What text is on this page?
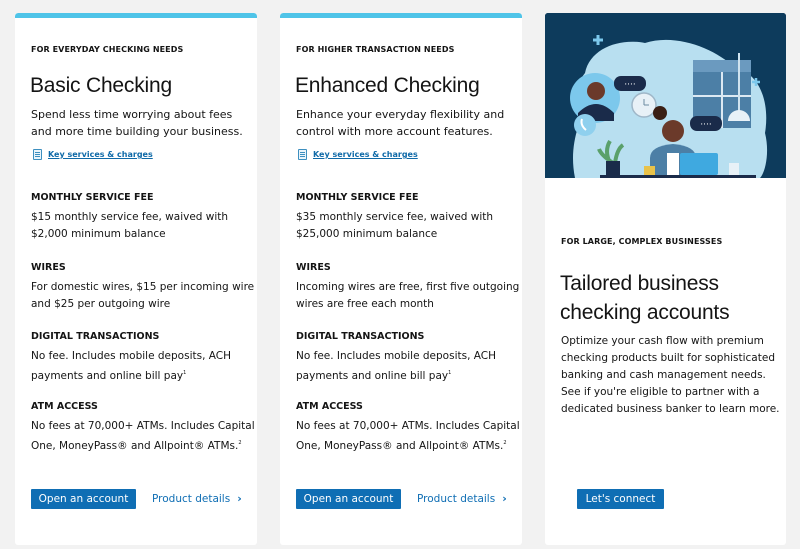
FOR EVERYDAY CHECKING NEEDS
Basic Checking
Spend less time worrying about fees and more time building your business.
Key services & charges
MONTHLY SERVICE FEE
$15 monthly service fee, waived with $2,000 minimum balance
WIRES
For domestic wires, $15 per incoming wire and $25 per outgoing wire
DIGITAL TRANSACTIONS
No fee. Includes mobile deposits, ACH payments and online bill pay$^1$
ATM ACCESS
No fees at 70,000+ ATMs. Includes Capital One, MoneyPass® and Allpoint® ATMs.$^2$
Open an account	Product details ›
FOR HIGHER TRANSACTION NEEDS
Enhanced Checking
Enhance your everyday flexibility and control with more account features.
Key services & charges
MONTHLY SERVICE FEE
$35 monthly service fee, waived with $25,000 minimum balance
WIRES
Incoming wires are free, first five outgoing wires are free each month
DIGITAL TRANSACTIONS
No fee. Includes mobile deposits, ACH payments and online bill pay$^1$
ATM ACCESS
No fees at 70,000+ ATMs. Includes Capital One, MoneyPass® and Allpoint® ATMs.$^2$
Open an account	Product details ›
····
····
FOR LARGE, COMPLEX BUSINESSES
Tailored business
checking accounts
Optimize your cash flow with premium checking products built for sophisticated banking and cash management needs. See if you're eligible to partner with a dedicated business banker to learn more.
Let's connect
